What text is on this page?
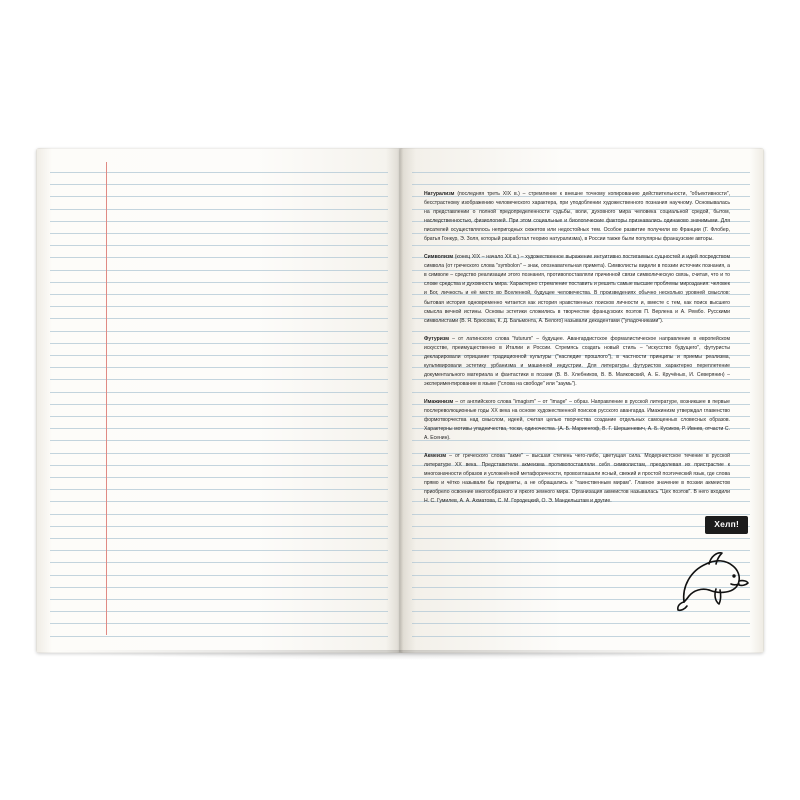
Натурализм (последняя треть XIX в.) – стремление к внешне точному копированию действительности, "объективности", бесстрастному изображению человеческого характера, при уподоблении художественного познания научному. Основывалась на представлении о полной предопределенности судьбы, воли, духовного мира человека социальной средой, бытом, наследственностью, физиологией. При этом социальные и биологические факторы признавались одинаково значимыми. Для писателей осуществлялось непригодных сюжетов или недостойных тем. Особое развитие получили во Франции (Г. Флобер, братья Гонкур, Э. Золя, который разработал теорию натурализма), в России также были популярны французские авторы.

Символизм (конец XIX – начало XX в.) – художественное выражение интуитивно постигаемых сущностей и идей посредством символа (от греческого слова "symbolon" – знак, опознавательная примета). Символисты видели в поэзии источник познания, а в символе – средство реализации этого познания, противопоставляли причинной связи символическую связь, считая, что и то слове средства и духовность мира. Характерно стремление поставить и решить самые высшие проблемы мироздания: человек и Бог, личность и её место во Вселенной, будущее человечества. В произведениях обычно несколько уровней смыслов: бытовая история одновременно читается как история нравственных поисков личности и, вместе с тем, как поиск высшего смысла вечной истины. Основы эстетики сложились в творчестве французских поэтов П. Верлена и А. Рембо. Русскими символистами (В. Я. Брюсова, К. Д. Бальмонта, А. Белого) называли декадентами ("упадочниками").

Футуризм – от латинского слова "futurum" – будущее. Авангардистское формалистическое направление в европейском искусстве, преимущественно в Италии и России. Стремясь создать новый стиль – "искусство будущего", футуристы декларировали отрицание традиционной культуры ("наследие прошлого"), в частности принципы и приемы реализма, культивировали эстетику урбанизма и машинной индустрии. Для литературы футуристов характерно переплетение документального материала и фантастики в поэзии (В. В. Хлебников, В. В. Маяковский, А. Е. Кручёных, И. Северянин) – экспериментирование в языке ("слова на свободе" или "заумь").

Имажинизм – от английского слова "imagism" – от "image" – образ. Направление в русской литературе, возникшее в первые послереволюционные годы XX века на основе художественной поисков русского авангарда. Имажинизм утверждал главенство формотворчества над смыслом, идеей, считая целью творчества создание отдельных самоценных словесных образов. Характерны мотивы упадничества, тоски, одиночества. (А. Б. Мариенгоф, В. Г. Шершеневич, А. Б. Кусиков, Р. Ивнев, отчасти С. А. Есенин).

Акмеизм – от греческого слова "акме" – высшая степень чего-либо, цветущая сила. Модернистское течение в русской литературе XX века. Представители акмеизма противопоставляли себя символистам, преодолевая их пристрастие к многозначности образов и усложнённой метафоричности, провозглашали ясный, свежий и простой поэтический язык, где слова прямо и чётко называли бы предметы, а не обращались к "таинственным мирам". Главное значение в поэзии акмеистов приобрело освоение многообразного и яркого земного мира. Организация акмеистов называлась "Цех поэтов". В него входили Н. С. Гумилев, А. А. Ахматова, С. М. Городецкий, О. Э. Мандельштам и другие.

Хелп!
